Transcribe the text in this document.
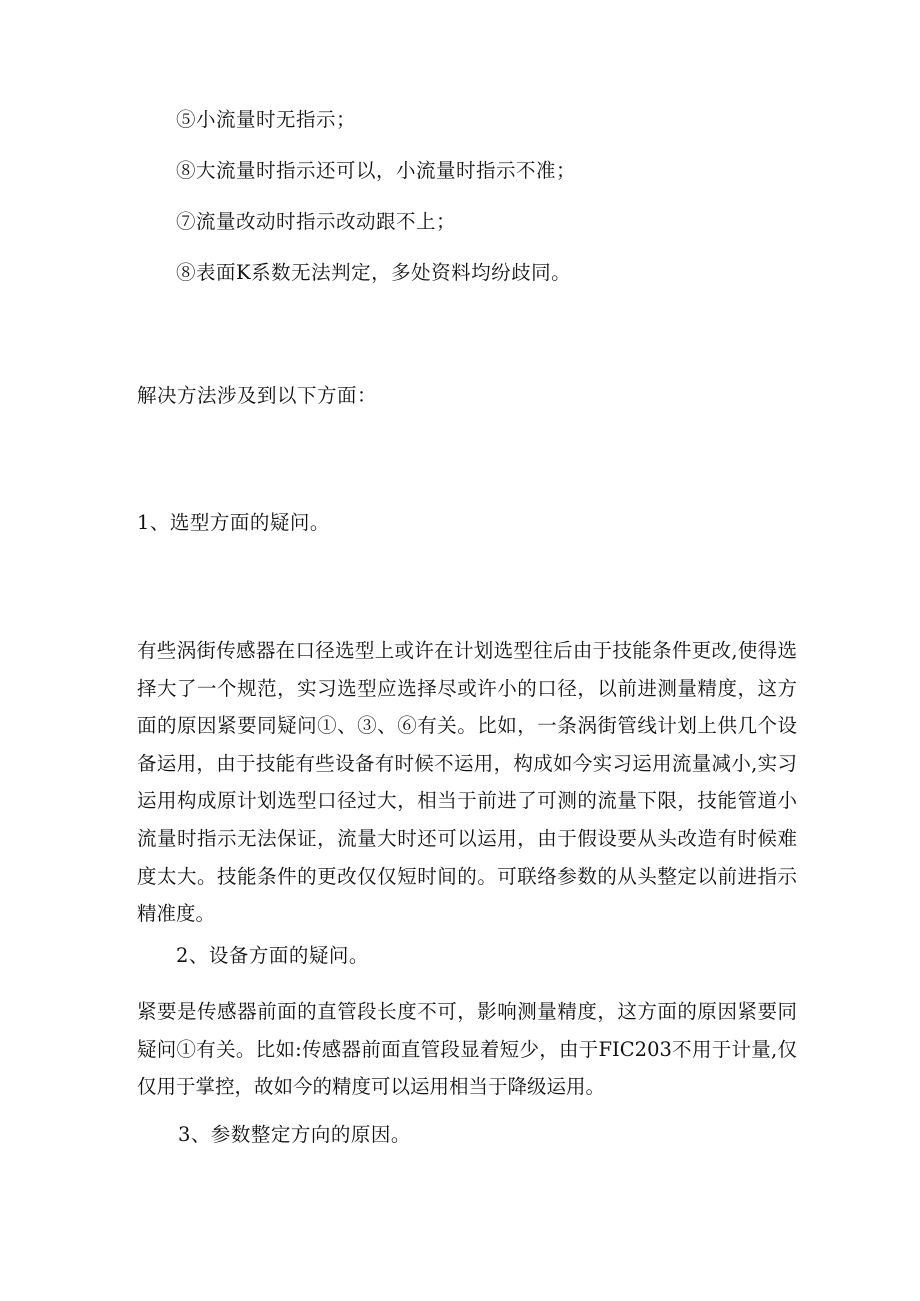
⑤小流量时无指示；

⑧大流量时指示还可以，小流量时指示不准；

⑦流量改动时指示改动跟不上；

⑧表面K系数无法判定，多处资料均纷歧同。

解决方法涉及到以下方面：

1、选型方面的疑问。

有些涡街传感器在口径选型上或许在计划选型往后由于技能条件更改,使得选择大了一个规范，实习选型应选择尽或许小的口径，以前进测量精度，这方面的原因紧要同疑问①、③、⑥有关。比如，一条涡街管线计划上供几个设备运用，由于技能有些设备有时候不运用，构成如今实习运用流量减小,实习运用构成原计划选型口径过大，相当于前进了可测的流量下限，技能管道小流量时指示无法保证，流量大时还可以运用，由于假设要从头改造有时候难度太大。技能条件的更改仅仅短时间的。可联络参数的从头整定以前进指示精准度。

2、设备方面的疑问。

紧要是传感器前面的直管段长度不可，影响测量精度，这方面的原因紧要同疑问①有关。比如:传感器前面直管段显着短少，由于FIC203不用于计量,仅仅用于掌控，故如今的精度可以运用相当于降级运用。

3、参数整定方向的原因。
